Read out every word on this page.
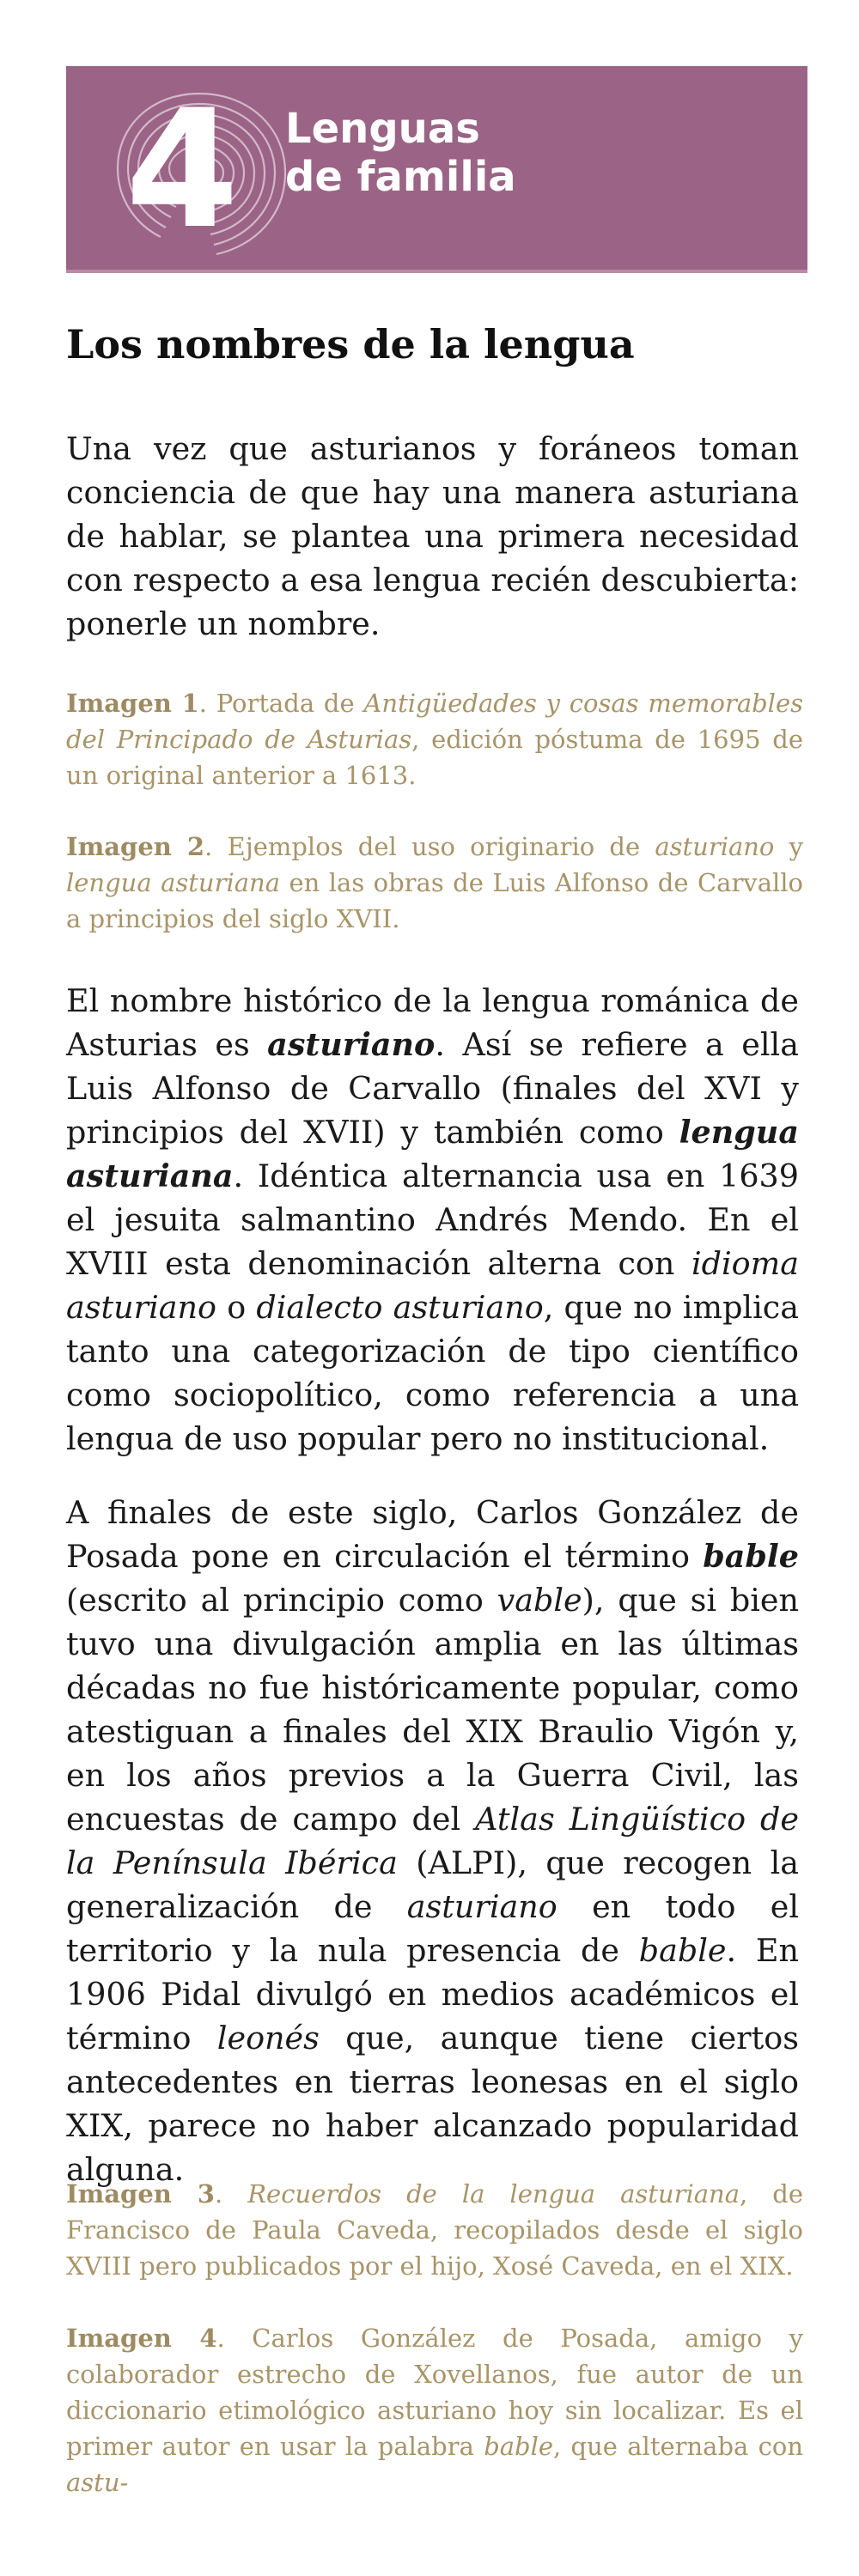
4 Lenguas
de familia
Los nombres de la lengua

Una vez que asturianos y foráneos toman conciencia de que hay una manera asturiana de hablar, se plantea una primera necesidad con respecto a esa lengua recién descubierta: ponerle un nombre.

Imagen 1. Portada de Antigüedades y cosas memorables del Principado de Asturias, edición póstuma de 1695 de un original anterior a 1613.

Imagen 2. Ejemplos del uso originario de asturiano y lengua asturiana en las obras de Luis Alfonso de Carvallo a principios del siglo XVII.

El nombre histórico de la lengua románica de Asturias es asturiano. Así se refiere a ella Luis Alfonso de Carvallo (finales del XVI y principios del XVII) y también como lengua asturiana. Idéntica alternancia usa en 1639 el jesuita salmantino Andrés Mendo. En el XVIII esta denominación alterna con idioma asturiano o dialecto asturiano, que no implica tanto una categorización de tipo científico como sociopolítico, como referencia a una lengua de uso popular pero no institucional.

A finales de este siglo, Carlos González de Posada pone en circulación el término bable (escrito al principio como vable), que si bien tuvo una divulgación amplia en las últimas décadas no fue históricamente popular, como atestiguan a finales del XIX Braulio Vigón y, en los años previos a la Guerra Civil, las encuestas de campo del Atlas Lingüístico de la Península Ibérica (ALPI), que recogen la generalización de asturiano en todo el territorio y la nula presencia de bable. En 1906 Pidal divulgó en medios académicos el término leonés que, aunque tiene ciertos antecedentes en tierras leonesas en el siglo XIX, parece no haber alcanzado popularidad alguna.

Imagen 3. Recuerdos de la lengua asturiana, de Francisco de Paula Caveda, recopilados desde el siglo XVIII pero publicados por el hijo, Xosé Caveda, en el XIX.

Imagen 4. Carlos González de Posada, amigo y colaborador estrecho de Xovellanos, fue autor de un diccionario etimológico asturiano hoy sin localizar. Es el primer autor en usar la palabra bable, que alternaba con astu-
